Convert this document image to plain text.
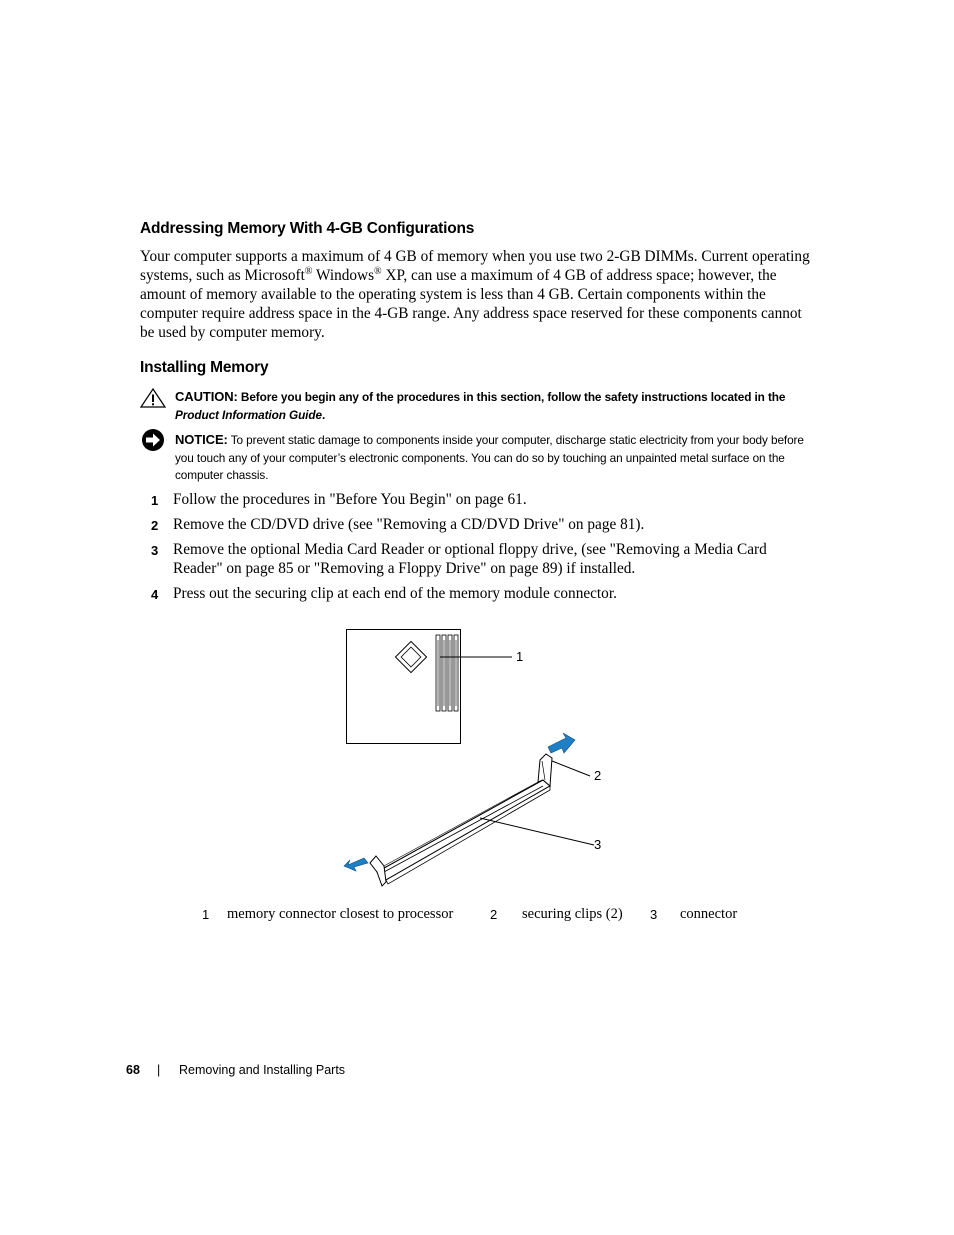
Addressing Memory With 4-GB Configurations

Your computer supports a maximum of 4 GB of memory when you use two 2-GB DIMMs. Current operating systems, such as Microsoft® Windows® XP, can use a maximum of 4 GB of address space; however, the amount of memory available to the operating system is less than 4 GB. Certain components within the computer require address space in the 4-GB range. Any address space reserved for these components cannot be used by computer memory.

Installing Memory
CAUTION: Before you begin any of the procedures in this section, follow the safety instructions located in the Product Information Guide.
NOTICE: To prevent static damage to components inside your computer, discharge static electricity from your body before you touch any of your computer’s electronic components. You can do so by touching an unpainted metal surface on the computer chassis.
1 Follow the procedures in "Before You Begin" on page 61.
2 Remove the CD/DVD drive (see "Removing a CD/DVD Drive" on page 81).
3 Remove the optional Media Card Reader or optional floppy drive, (see "Removing a Media Card Reader" on page 85 or "Removing a Floppy Drive" on page 89) if installed.
4 Press out the securing clip at each end of the memory module connector.
1
2
3
1 memory connector closest to processor	2 securing clips (2) 3 connector
68 | Removing and Installing Parts
